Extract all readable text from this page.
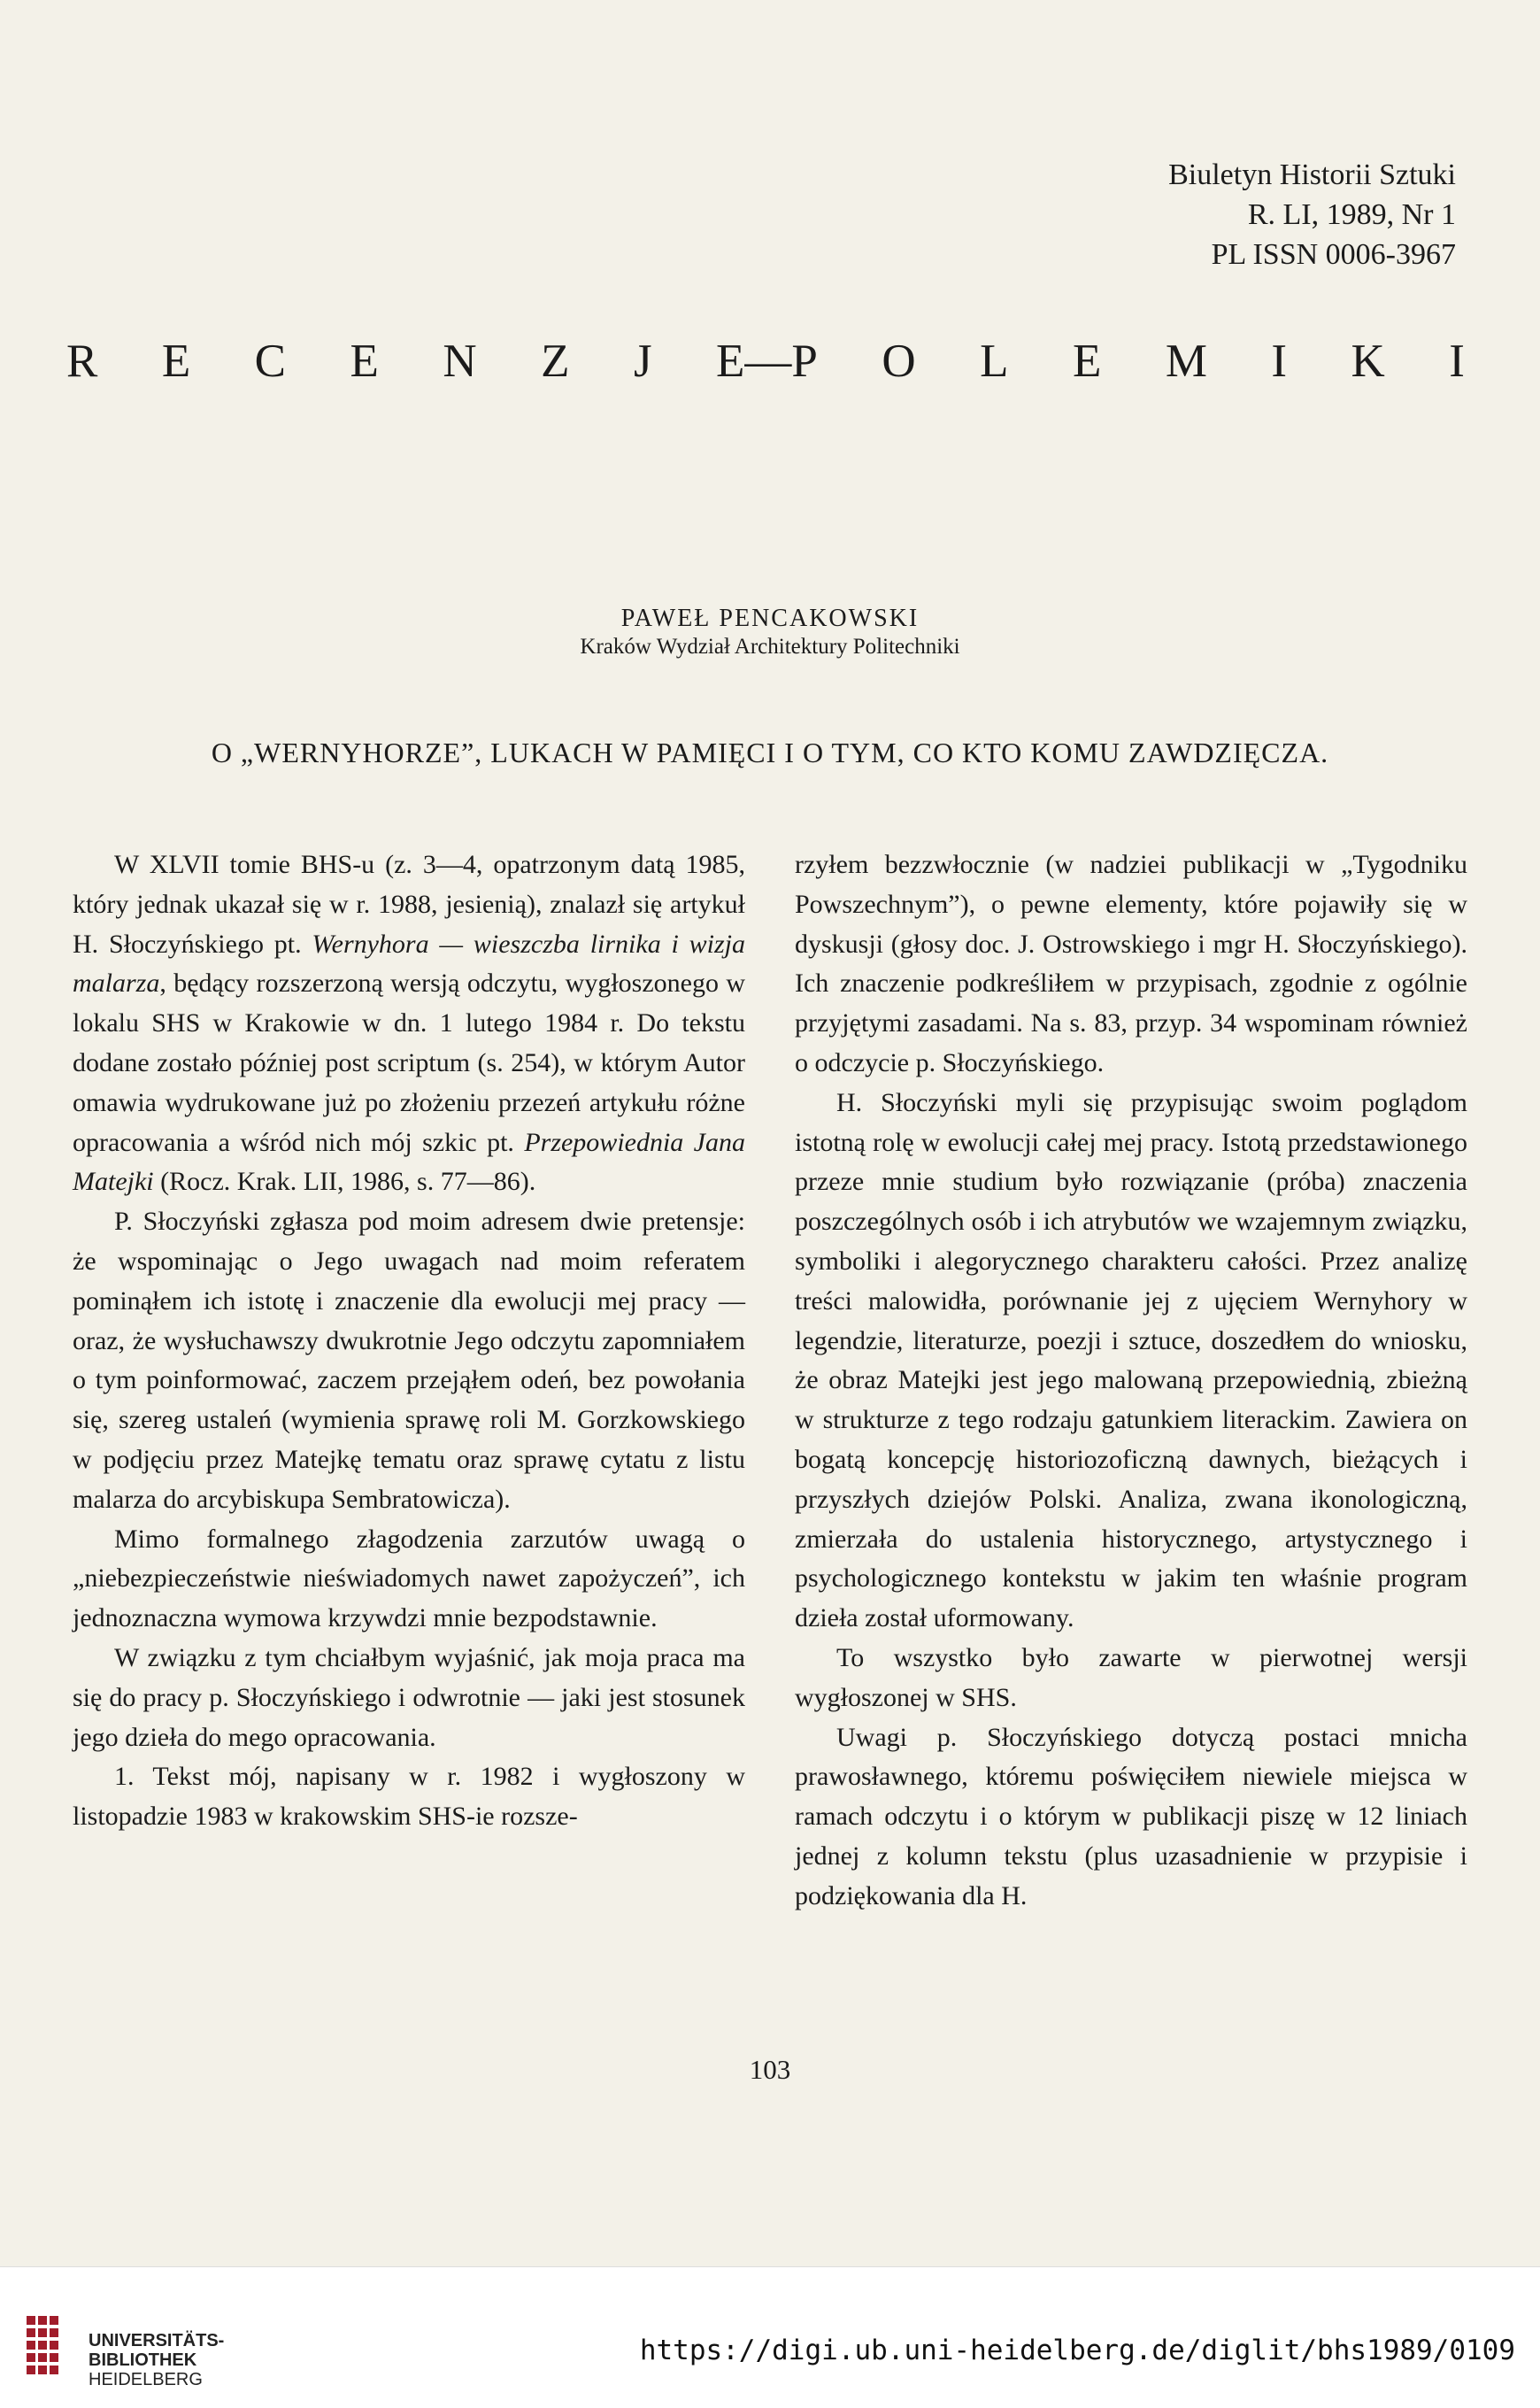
Biuletyn Historii Sztuki
R. LI, 1989, Nr 1
PL ISSN 0006-3967
R E C E N Z J E—P O L E M I K I
PAWEŁ PENCAKOWSKI
Kraków Wydział Architektury Politechniki
O „WERNYHORZE”, LUKACH W PAMIĘCI I O TYM, CO KTO KOMU ZAWDZIĘCZA.

W XLVII tomie BHS-u (z. 3—4, opatrzonym datą 1985, który jednak ukazał się w r. 1988, jesienią), znalazł się artykuł H. Słoczyńskiego pt. Wernyhora — wieszczba lirnika i wizja malarza, będący rozszerzoną wersją odczytu, wygłoszonego w lokalu SHS w Krakowie w dn. 1 lutego 1984 r. Do tekstu dodane zostało później post scriptum (s. 254), w którym Autor omawia wydrukowane już po złożeniu przezeń artykułu różne opracowania a wśród nich mój szkic pt. Przepowiednia Jana Matejki (Rocz. Krak. LII, 1986, s. 77—86).

P. Słoczyński zgłasza pod moim adresem dwie pretensje: że wspominając o Jego uwagach nad moim referatem pominąłem ich istotę i znaczenie dla ewolucji mej pracy — oraz, że wysłuchawszy dwukrotnie Jego odczytu zapomniałem o tym poinformować, zaczem przejąłem odeń, bez powołania się, szereg ustaleń (wymienia sprawę roli M. Gorzkowskiego w podjęciu przez Matejkę tematu oraz sprawę cytatu z listu malarza do arcybiskupa Sembratowicza).

Mimo formalnego złagodzenia zarzutów uwagą o „niebezpieczeństwie nieświadomych nawet zapożyczeń”, ich jednoznaczna wymowa krzywdzi mnie bezpodstawnie.

W związku z tym chciałbym wyjaśnić, jak moja praca ma się do pracy p. Słoczyńskiego i odwrotnie — jaki jest stosunek jego dzieła do mego opracowania.

1. Tekst mój, napisany w r. 1982 i wygłoszony w listopadzie 1983 w krakowskim SHS-ie rozsze-

rzyłem bezzwłocznie (w nadziei publikacji w „Tygodniku Powszechnym”), o pewne elementy, które pojawiły się w dyskusji (głosy doc. J. Ostrowskiego i mgr H. Słoczyńskiego). Ich znaczenie podkreśliłem w przypisach, zgodnie z ogólnie przyjętymi zasadami. Na s. 83, przyp. 34 wspominam również o odczycie p. Słoczyńskiego.

H. Słoczyński myli się przypisując swoim poglądom istotną rolę w ewolucji całej mej pracy. Istotą przedstawionego przeze mnie studium było rozwiązanie (próba) znaczenia poszczególnych osób i ich atrybutów we wzajemnym związku, symboliki i alegorycznego charakteru całości. Przez analizę treści malowidła, porównanie jej z ujęciem Wernyhory w legendzie, literaturze, poezji i sztuce, doszedłem do wniosku, że obraz Matejki jest jego malowaną przepowiednią, zbieżną w strukturze z tego rodzaju gatunkiem literackim. Zawiera on bogatą koncepcję historiozoficzną dawnych, bieżących i przyszłych dziejów Polski. Analiza, zwana ikonologiczną, zmierzała do ustalenia historycznego, artystycznego i psychologicznego kontekstu w jakim ten właśnie program dzieła został uformowany.

To wszystko było zawarte w pierwotnej wersji wygłoszonej w SHS.

Uwagi p. Słoczyńskiego dotyczą postaci mnicha prawosławnego, któremu poświęciłem niewiele miejsca w ramach odczytu i o którym w publikacji piszę w 12 liniach jednej z kolumn tekstu (plus uzasadnienie w przypisie i podziękowania dla H.

103
UNIVERSITÄTS-
BIBLIOTHEK
HEIDELBERG
https://digi.ub.uni-heidelberg.de/diglit/bhs1989/0109
